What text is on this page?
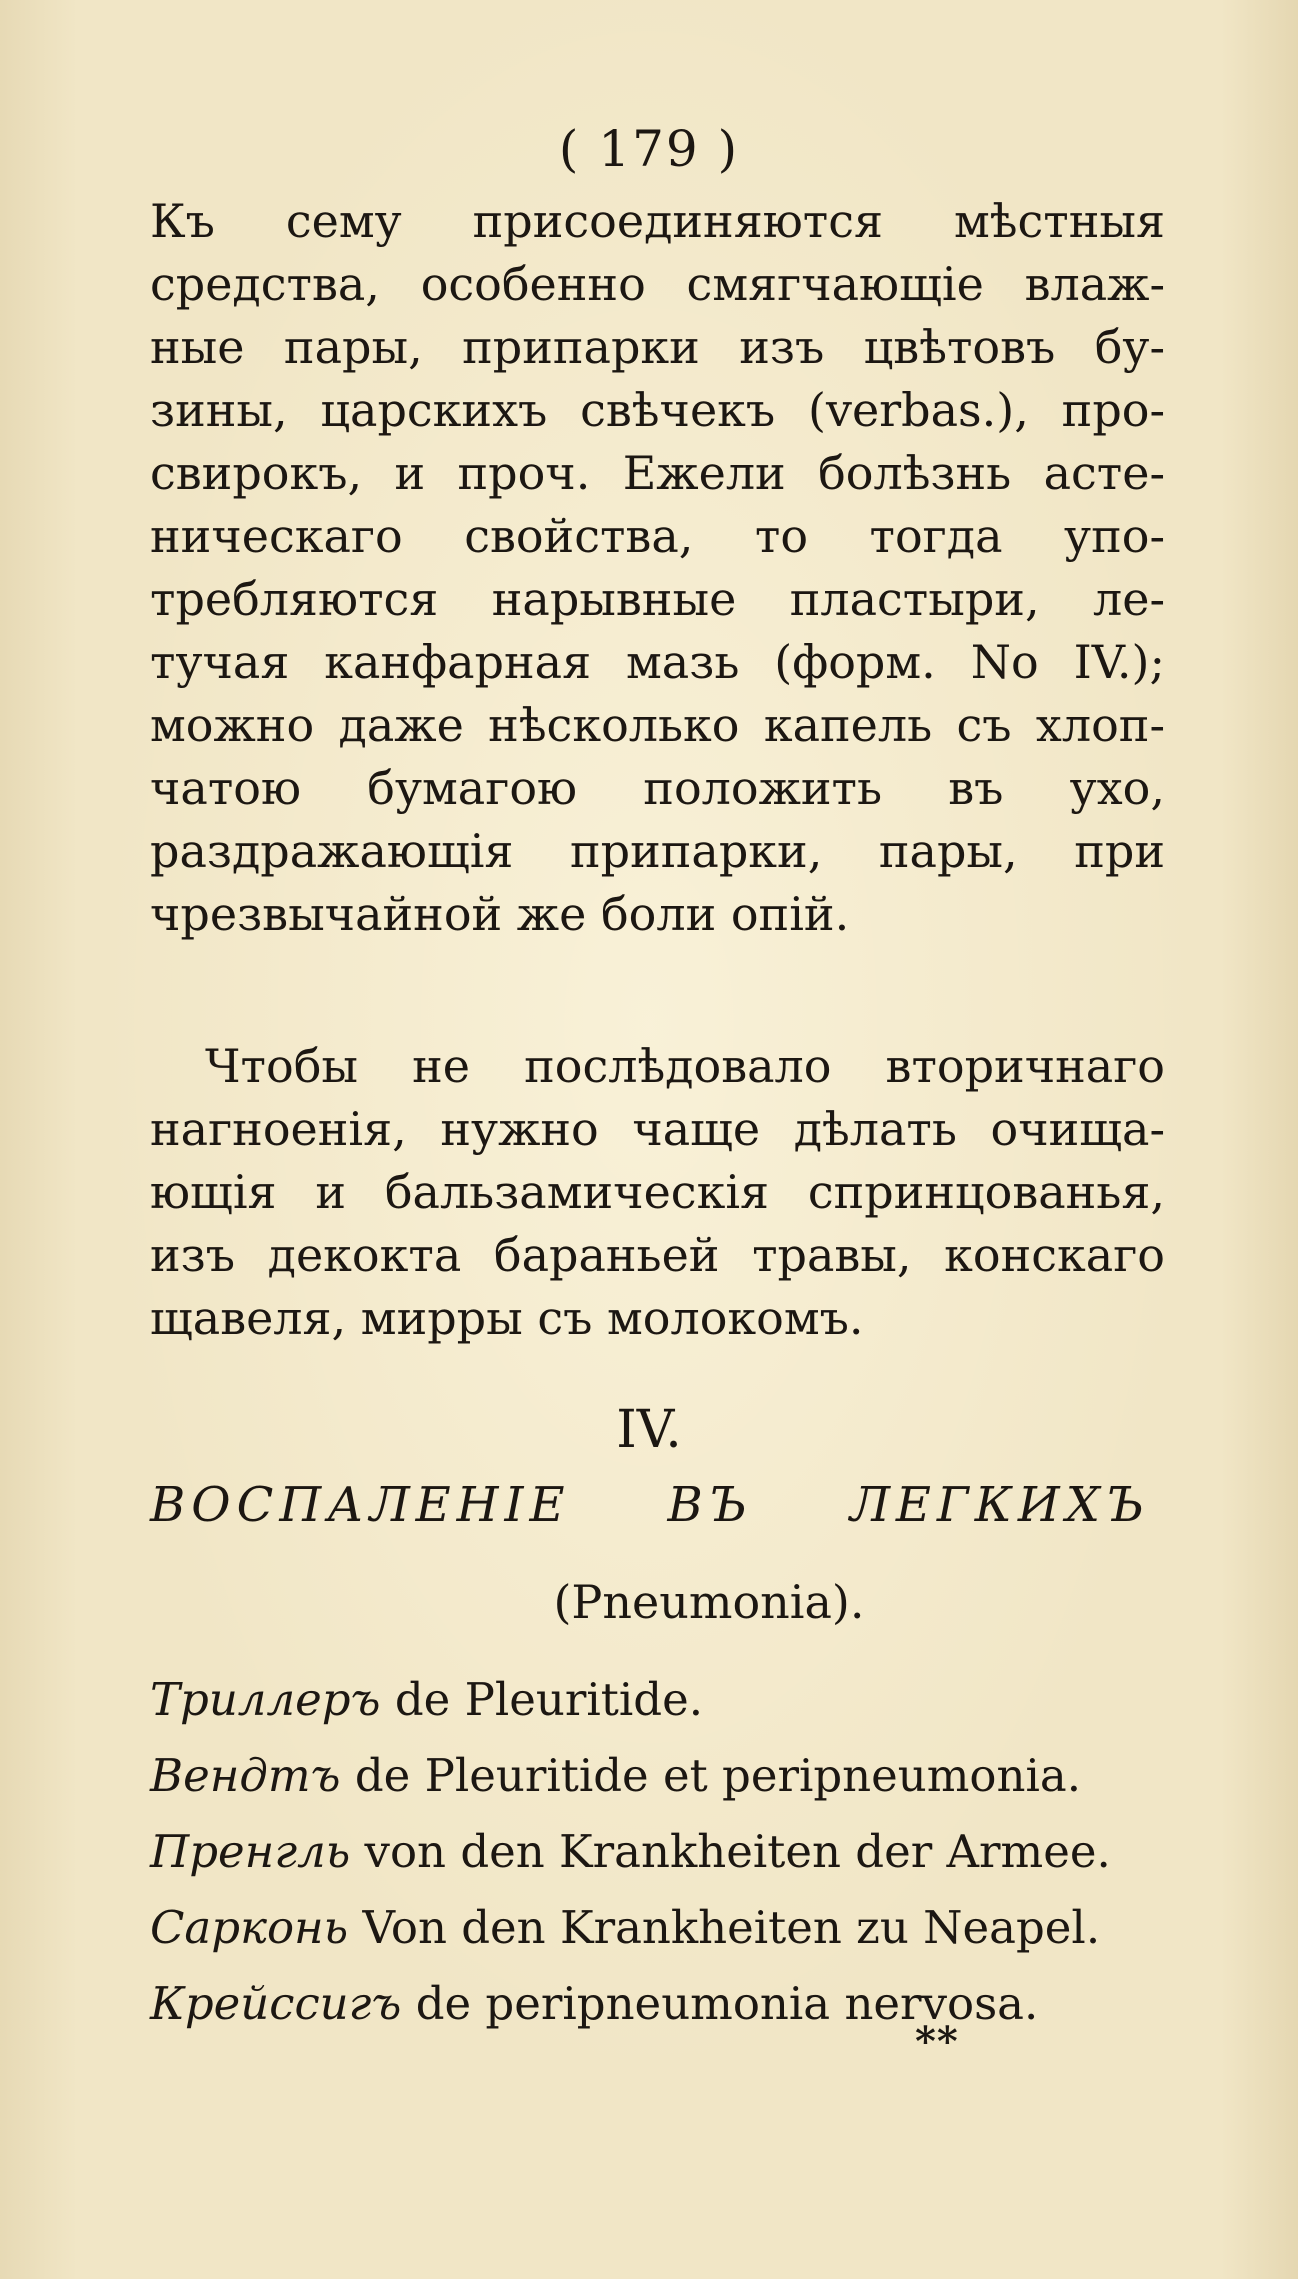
( 179 )
Къ сему присоединяются мѣстныя
средства, особенно смягчающіе влаж-
ные пары, припарки изъ цвѣтовъ бу-
зины, царскихъ свѣчекъ (verbas.), про-
свирокъ, и проч. Ежели болѣзнь асте-
ническаго свойства, то тогда упо-
требляются нарывные пластыри, ле-
тучая канфарная мазь (форм. No IV.);
можно даже нѣсколько капель съ хлоп-
чатою бумагою положить въ ухо,
раздражающія припарки, пары, при
чрезвычайной же боли опій.
Чтобы не послѣдовало вторичнаго
нагноенія, нужно чаще дѣлать очища-
ющія и бальзамическія спринцованья,
изъ декокта бараньей травы, конскаго
щавеля, мирры съ молокомъ.
IV.
ВОСПАЛЕНІЕ ВЪ ЛЕГКИХЪ
(Pneumonia).
Триллеръ de Pleuritide.
Вендтъ de Pleuritide et peripneumonia.
Пренгль von den Krankheiten der Armee.
Сарконь Von den Krankheiten zu Neapel.
Крейссигъ de peripneumonia nervosa.
**
